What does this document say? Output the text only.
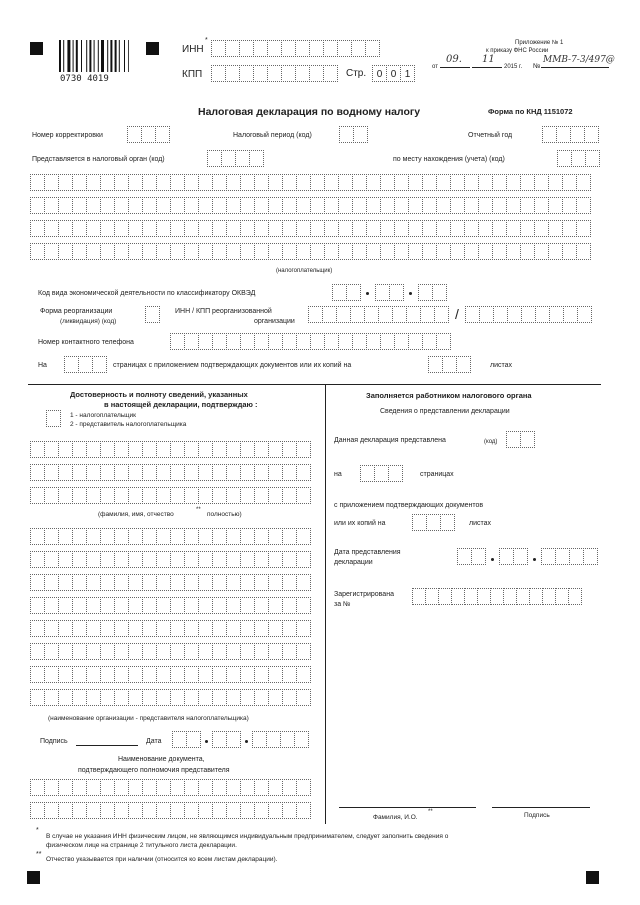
0730 4019
ИНН
*
КПП	Стр.	0 0 1
Приложение № 1
к приказу ФНС России
от
09. 11
2015 г. №
ММВ-7-3/497@
Налоговая декларация по водному налогу	Форма по КНД 1151072
Номер корректировки	Налоговый период (код)	Отчетный год
Представляется в налоговый орган (код)	по месту нахождения (учета) (код)
(налогоплательщик)
Код вида экономической деятельности по классификатору ОКВЭД
Форма реорганизации
(ликвидация) (код)
ИНН / КПП реорганизованной
организации	/
Номер контактного телефона
На	страницах с приложением подтверждающих документов или их копий на	листах
Достоверность и полноту сведений, указанных
в настоящей декларации, подтверждаю :
1 - налогоплательщик
2 - представитель налогоплательщика
(фамилия, имя, отчество
**
полностью)
(наименование организации - представителя налогоплательщика)
Подпись	Дата
Наименование документа,
подтверждающего полномочия представителя
Заполняется работником налогового органа
Сведения о представлении декларации
Данная декларация представлена	(код)
на	страницах
с приложением подтверждающих документов
или их копий на	листах
Дата представления
декларации
Зарегистрирована
за №
Фамилия, И.О.
**	Подпись
*
В случае не указания ИНН физическим лицом, не являющимся индивидуальным предпринимателем, следует заполнить сведения о
физическом лице на странице 2 титульного листа декларации.
**
Отчество указывается при наличии (относится ко всем листам декларации).
